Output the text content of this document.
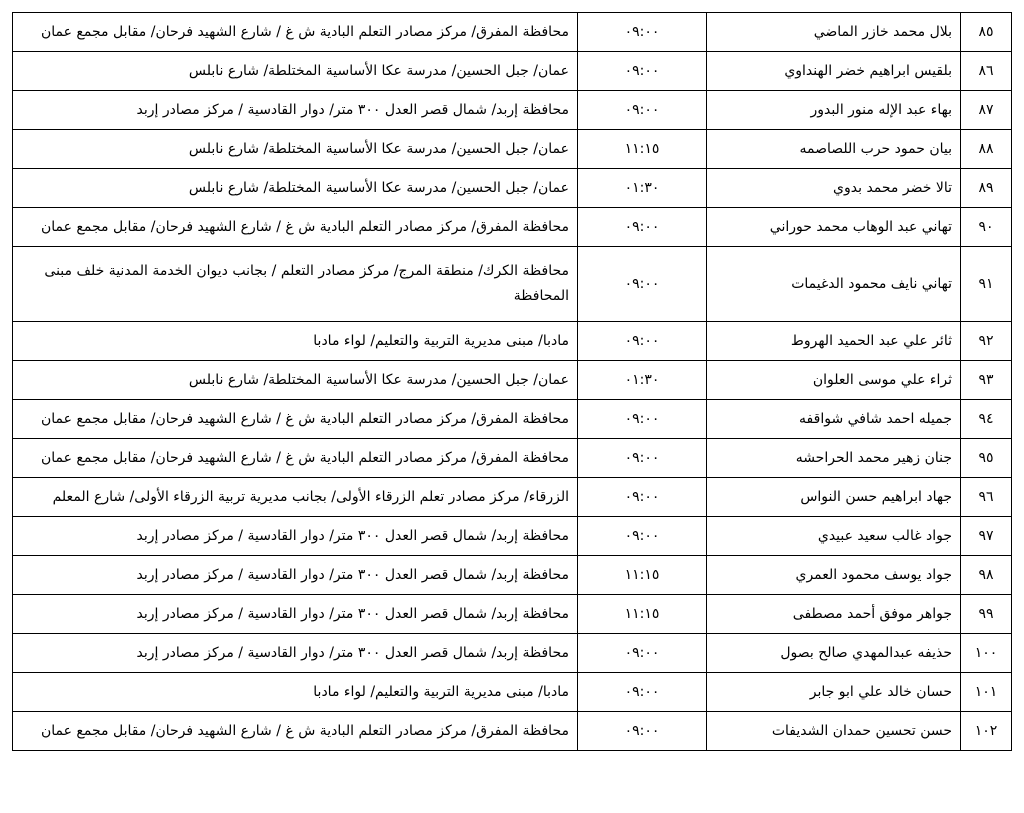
٨٥	بلال محمد خازر الماضي	٠٩:٠٠	محافظة المفرق/ مركز مصادر التعلم البادية ش غ / شارع الشهيد فرحان/ مقابل مجمع عمان
٨٦	بلقيس ابراهيم خضر الهنداوي	٠٩:٠٠	عمان/ جبل الحسين/ مدرسة عكا الأساسية المختلطة/ شارع نابلس
٨٧	بهاء عبد الإله منور البدور	٠٩:٠٠	محافظة إربد/ شمال قصر العدل ٣٠٠ متر/ دوار القادسية / مركز مصادر إربد
٨٨	بيان حمود حرب اللصاصمه	١١:١٥	عمان/ جبل الحسين/ مدرسة عكا الأساسية المختلطة/ شارع نابلس
٨٩	تالا خضر محمد بدوي	٠١:٣٠	عمان/ جبل الحسين/ مدرسة عكا الأساسية المختلطة/ شارع نابلس
٩٠	تهاني عبد الوهاب محمد حوراني	٠٩:٠٠	محافظة المفرق/ مركز مصادر التعلم البادية ش غ / شارع الشهيد فرحان/ مقابل مجمع عمان
٩١	تهاني نايف محمود الدغيمات	٠٩:٠٠	محافظة الكرك/ منطقة المرج/ مركز مصادر التعلم / بجانب ديوان الخدمة المدنية خلف مبنى المحافظة
٩٢	ثائر علي عبد الحميد الهروط	٠٩:٠٠	مادبا/ مبنى مديرية التربية والتعليم/ لواء مادبا
٩٣	ثراء علي موسى العلوان	٠١:٣٠	عمان/ جبل الحسين/ مدرسة عكا الأساسية المختلطة/ شارع نابلس
٩٤	جميله احمد شافي شواقفه	٠٩:٠٠	محافظة المفرق/ مركز مصادر التعلم البادية ش غ / شارع الشهيد فرحان/ مقابل مجمع عمان
٩٥	جنان زهير محمد الحراحشه	٠٩:٠٠	محافظة المفرق/ مركز مصادر التعلم البادية ش غ / شارع الشهيد فرحان/ مقابل مجمع عمان
٩٦	جهاد ابراهيم حسن النواس	٠٩:٠٠	الزرقاء/ مركز مصادر تعلم الزرقاء الأولى/ بجانب مديرية تربية الزرقاء الأولى/ شارع المعلم
٩٧	جواد غالب سعيد عبيدي	٠٩:٠٠	محافظة إربد/ شمال قصر العدل ٣٠٠ متر/ دوار القادسية / مركز مصادر إربد
٩٨	جواد يوسف محمود العمري	١١:١٥	محافظة إربد/ شمال قصر العدل ٣٠٠ متر/ دوار القادسية / مركز مصادر إربد
٩٩	جواهر موفق أحمد مصطفى	١١:١٥	محافظة إربد/ شمال قصر العدل ٣٠٠ متر/ دوار القادسية / مركز مصادر إربد
١٠٠	حذيفه عبدالمهدي صالح بصول	٠٩:٠٠	محافظة إربد/ شمال قصر العدل ٣٠٠ متر/ دوار القادسية / مركز مصادر إربد
١٠١	حسان خالد علي ابو جابر	٠٩:٠٠	مادبا/ مبنى مديرية التربية والتعليم/ لواء مادبا
١٠٢	حسن تحسين حمدان الشديفات	٠٩:٠٠	محافظة المفرق/ مركز مصادر التعلم البادية ش غ / شارع الشهيد فرحان/ مقابل مجمع عمان
